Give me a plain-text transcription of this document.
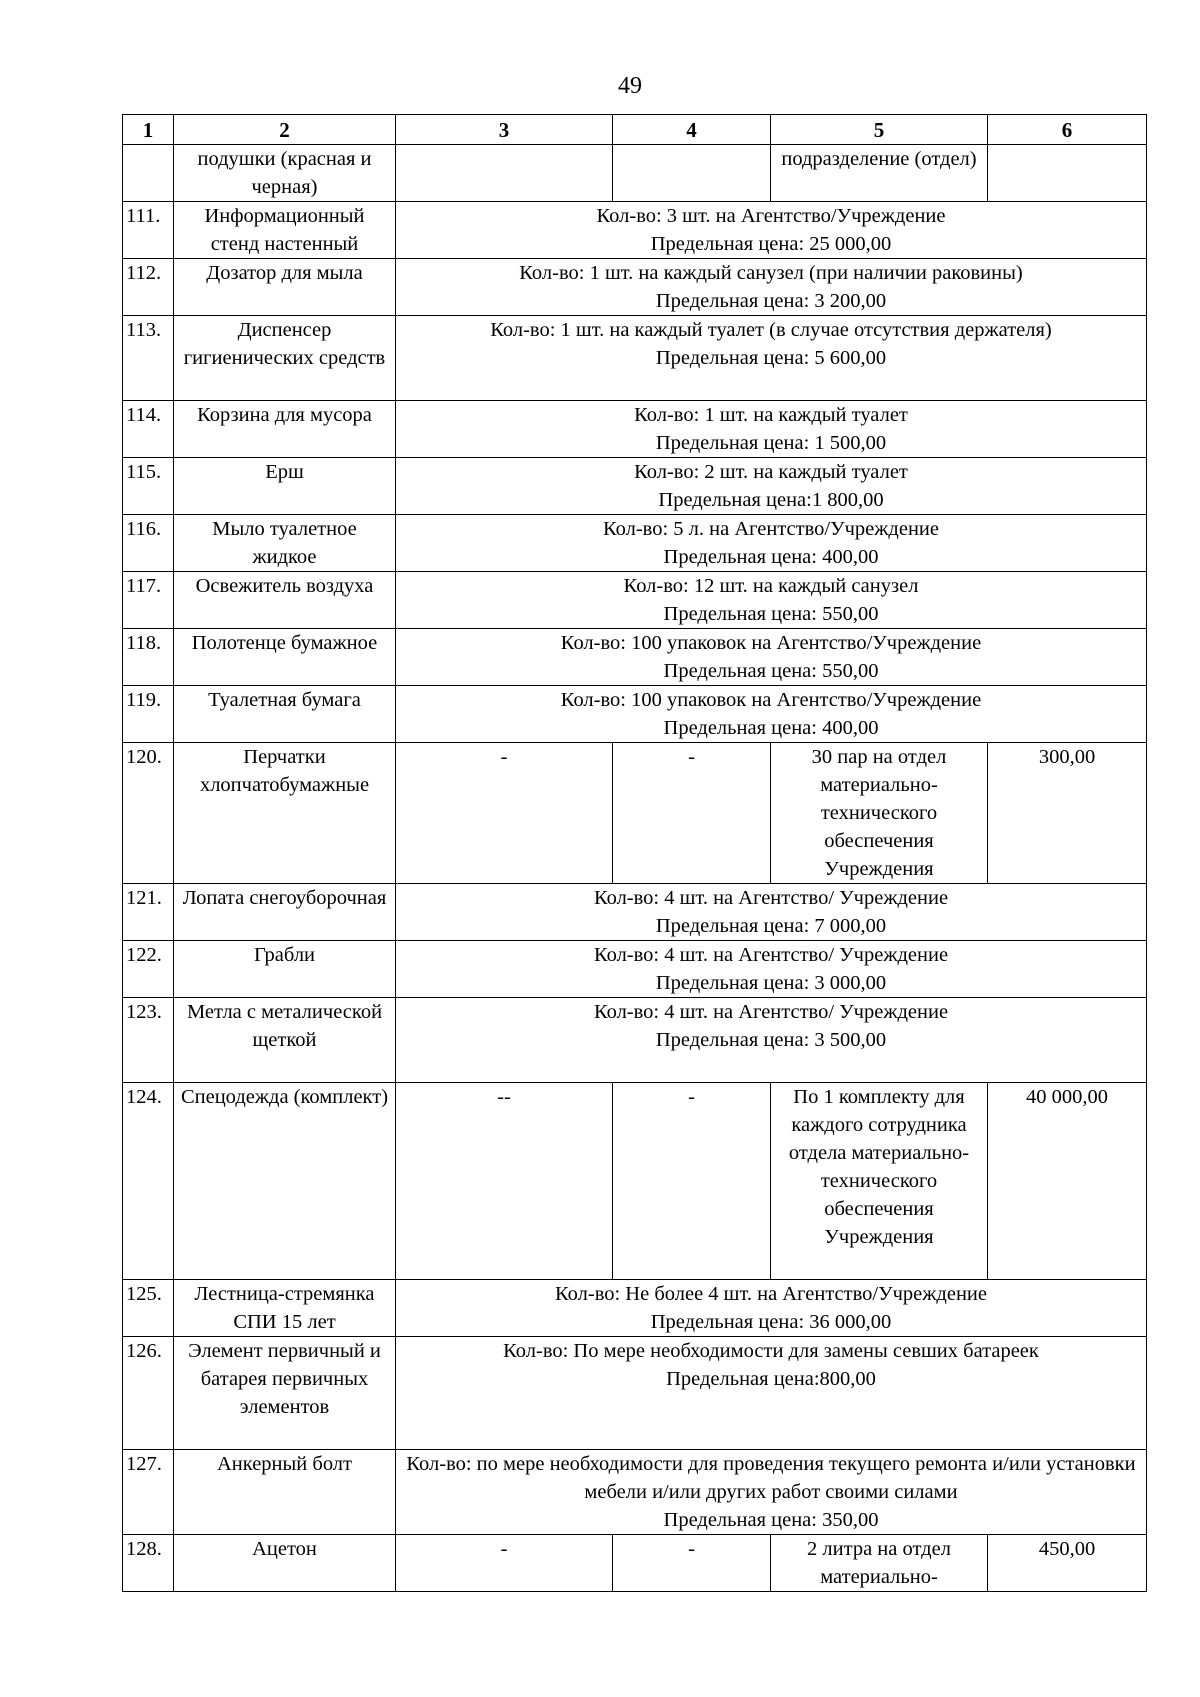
49
1	2	3	4	5	6
	подушки (красная и черная)			подразделение (отдел)	
111.	Информационный стенд настенный	Кол-во: 3 шт. на Агентство/Учреждение
Предельная цена: 25 000,00			
112.	Дозатор для мыла	Кол-во: 1 шт. на каждый санузел (при наличии раковины)
Предельная цена: 3 200,00			
113.	Диспенсер гигиенических средств	Кол-во: 1 шт. на каждый туалет (в случае отсутствия держателя)
Предельная цена: 5 600,00			
114.	Корзина для мусора	Кол-во: 1 шт. на каждый туалет
Предельная цена: 1 500,00			
115.	Ерш	Кол-во: 2 шт. на каждый туалет
Предельная цена:1 800,00			
116.	Мыло туалетное жидкое	Кол-во: 5 л. на Агентство/Учреждение
Предельная цена: 400,00			
117.	Освежитель воздуха	Кол-во: 12 шт. на каждый санузел
Предельная цена: 550,00			
118.	Полотенце бумажное	Кол-во: 100 упаковок на Агентство/Учреждение
Предельная цена: 550,00			
119.	Туалетная бумага	Кол-во: 100 упаковок на Агентство/Учреждение
Предельная цена: 400,00			
120.	Перчатки хлопчатобумажные	-	-	30 пар на отдел материально-технического обеспечения Учреждения	300,00
121.	Лопата снегоуборочная	Кол-во: 4 шт. на Агентство/ Учреждение
Предельная цена: 7 000,00			
122.	Грабли	Кол-во: 4 шт. на Агентство/ Учреждение
Предельная цена: 3 000,00			
123.	Метла с металической щеткой	Кол-во: 4 шт. на Агентство/ Учреждение
Предельная цена: 3 500,00			
124.	Спецодежда (комплект)	--	-	По 1 комплекту для каждого сотрудника отдела материально-технического обеспечения Учреждения	40 000,00
125.	Лестница-стремянка СПИ 15 лет	Кол-во: Не более 4 шт. на Агентство/Учреждение
Предельная цена: 36 000,00			
126.	Элемент первичный и батарея первичных элементов	Кол-во: По мере необходимости для замены севших батареек
Предельная цена:800,00			
127.	Анкерный болт	Кол-во: по мере необходимости для проведения текущего ремонта и/или установки мебели и/или других работ своими силами
Предельная цена: 350,00			
128.	Ацетон	-	-	2 литра на отдел материально-	450,00
